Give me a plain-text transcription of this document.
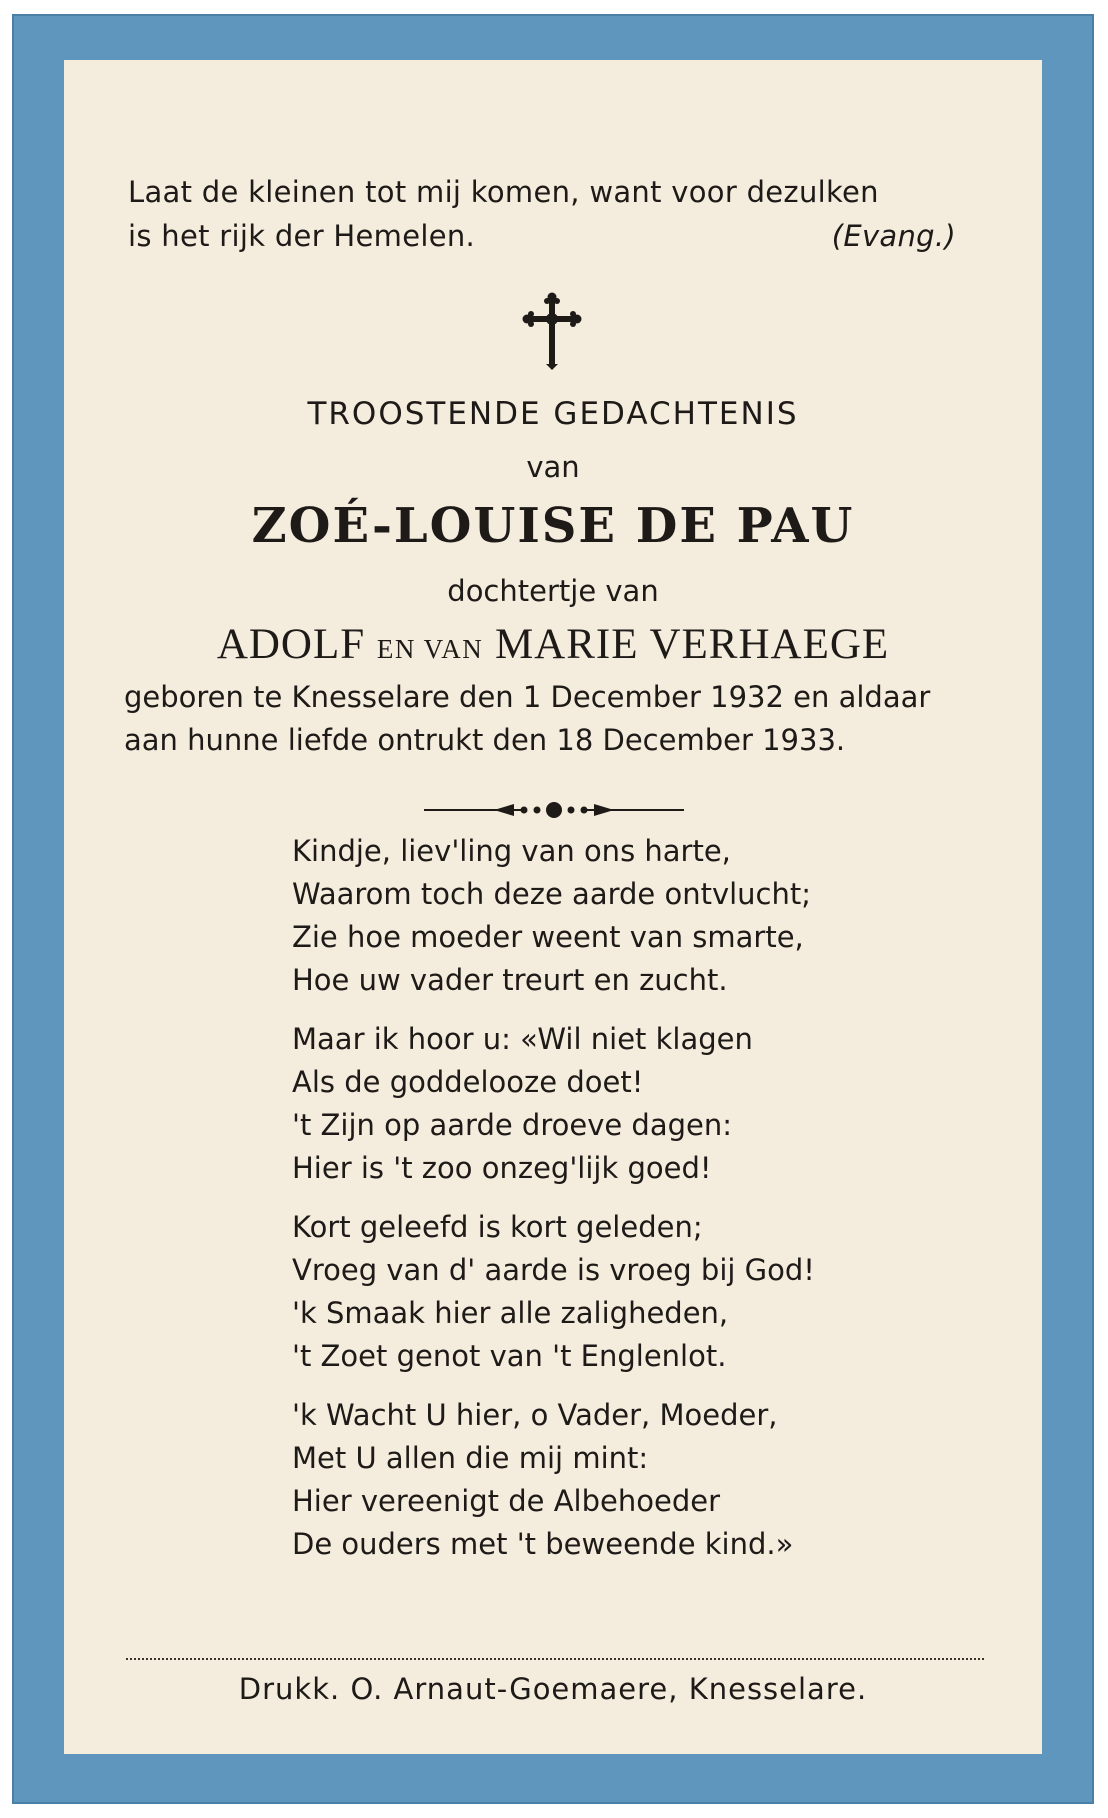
Laat de kleinen tot mij komen, want voor dezulken
is het rijk der Hemelen.	(Evang.)
TROOSTENDE GEDACHTENIS
van
ZOÉ-LOUISE DE PAU
dochtertje van
ADOLF EN VAN MARIE VERHAEGE
geboren te Knesselare den 1 December 1932 en aldaar
aan hunne liefde ontrukt den 18 December 1933.
Kindje, liev'ling van ons harte,
Waarom toch deze aarde ontvlucht;
Zie hoe moeder weent van smarte,
Hoe uw vader treurt en zucht.
Maar ik hoor u: «Wil niet klagen
Als de goddelooze doet!
't Zijn op aarde droeve dagen:
Hier is 't zoo onzeg'lijk goed!
Kort geleefd is kort geleden;
Vroeg van d' aarde is vroeg bij God!
'k Smaak hier alle zaligheden,
't Zoet genot van 't Englenlot.
'k Wacht U hier, o Vader, Moeder,
Met U allen die mij mint:
Hier vereenigt de Albehoeder
De ouders met 't beweende kind.»
Drukk. O. Arnaut-Goemaere, Knesselare.
